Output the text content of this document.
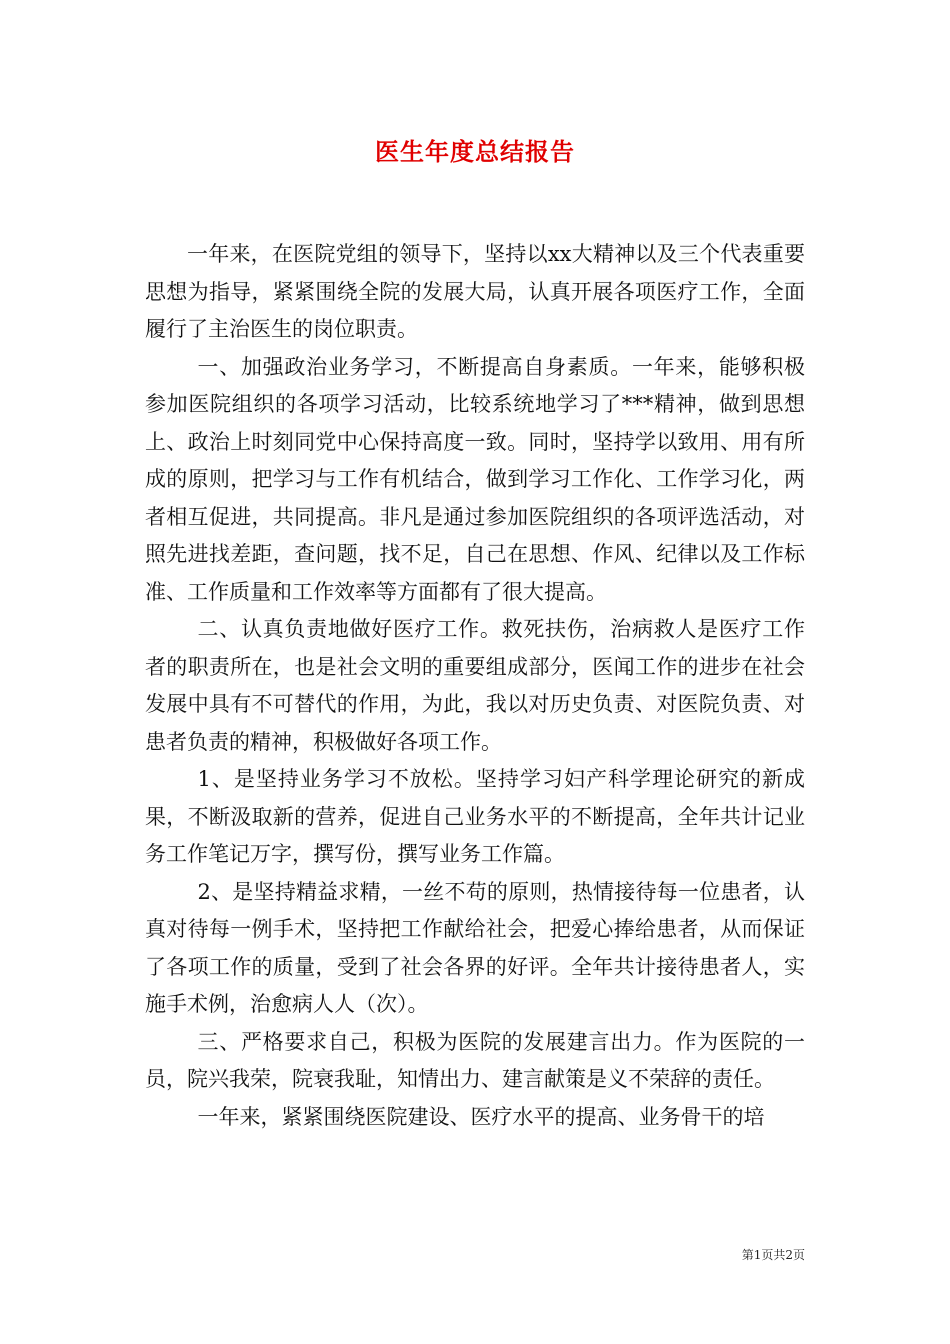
医生年度总结报告

一年来，在医院党组的领导下，坚持以xx大精神以及三个代表重要思想为指导，紧紧围绕全院的发展大局，认真开展各项医疗工作，全面履行了主治医生的岗位职责。

一、加强政治业务学习，不断提高自身素质。一年来，能够积极参加医院组织的各项学习活动，比较系统地学习了***精神，做到思想上、政治上时刻同党中心保持高度一致。同时，坚持学以致用、用有所成的原则，把学习与工作有机结合，做到学习工作化、工作学习化，两者相互促进，共同提高。非凡是通过参加医院组织的各项评选活动，对照先进找差距，查问题，找不足，自己在思想、作风、纪律以及工作标准、工作质量和工作效率等方面都有了很大提高。

二、认真负责地做好医疗工作。救死扶伤，治病救人是医疗工作者的职责所在，也是社会文明的重要组成部分，医闻工作的进步在社会发展中具有不可替代的作用，为此，我以对历史负责、对医院负责、对患者负责的精神，积极做好各项工作。

1、是坚持业务学习不放松。坚持学习妇产科学理论研究的新成果，不断汲取新的营养，促进自己业务水平的不断提高，全年共计记业务工作笔记万字，撰写份，撰写业务工作篇。

2、是坚持精益求精，一丝不苟的原则，热情接待每一位患者，认真对待每一例手术，坚持把工作献给社会，把爱心捧给患者，从而保证了各项工作的质量，受到了社会各界的好评。全年共计接待患者人，实施手术例，治愈病人人（次）。

三、严格要求自己，积极为医院的发展建言出力。作为医院的一员，院兴我荣，院衰我耻，知情出力、建言献策是义不荣辞的责任。

一年来，紧紧围绕医院建设、医疗水平的提高、业务骨干的培

第1页共2页
